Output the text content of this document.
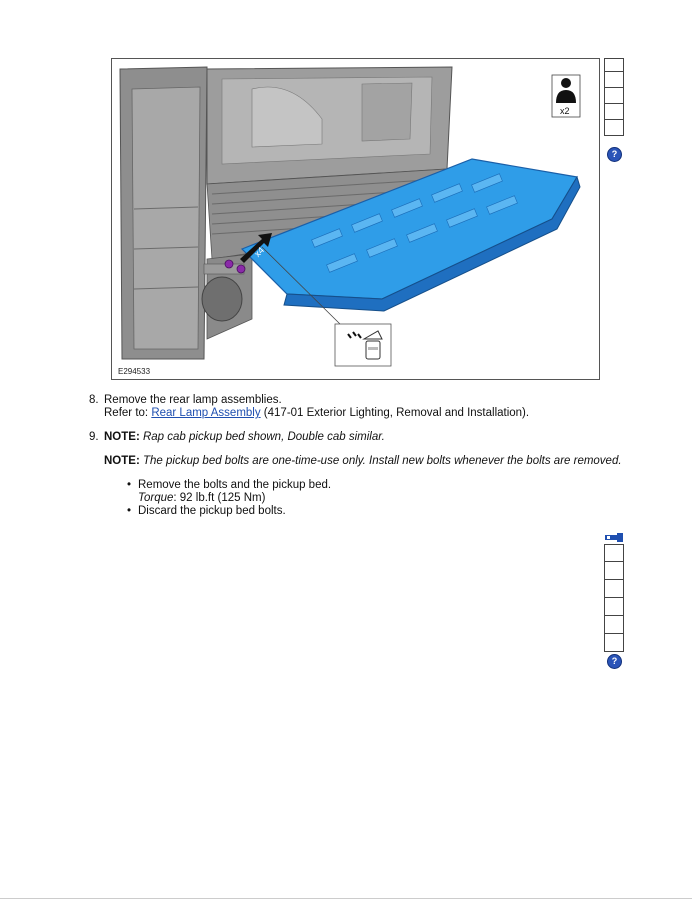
x4
x2
E294533
?
8. Remove the rear lamp assemblies.
Refer to: Rear Lamp Assembly (417-01 Exterior Lighting, Removal and Installation).
9. NOTE: Rap cab pickup bed shown, Double cab similar.
NOTE: The pickup bed bolts are one-time-use only. Install new bolts whenever the bolts are removed.
• Remove the bolts and the pickup bed.
Torque: 92 lb.ft (125 Nm)
• Discard the pickup bed bolts.
?
